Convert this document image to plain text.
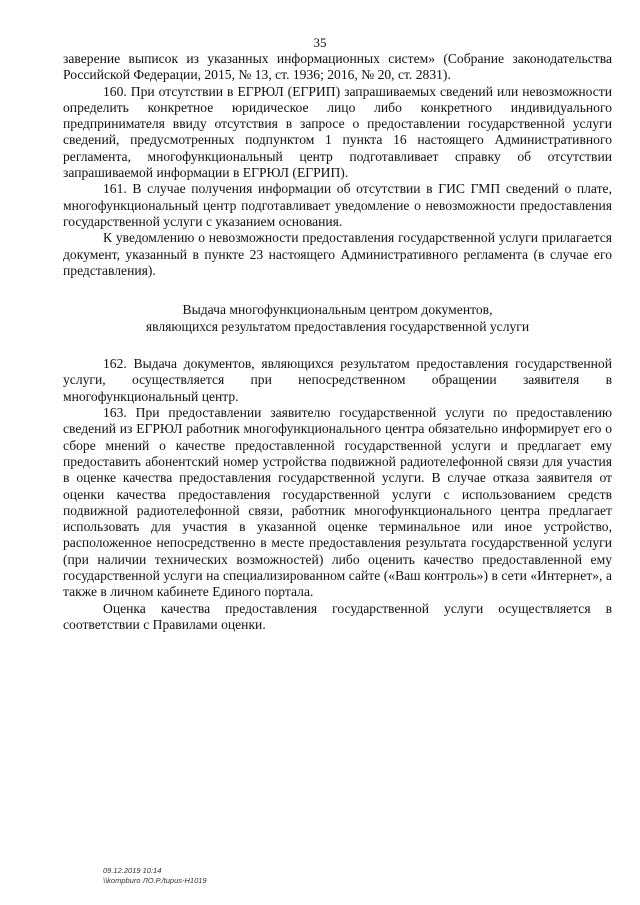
35

заверение выписок из указанных информационных систем» (Собрание законодательства Российской Федерации, 2015, № 13, ст. 1936; 2016, № 20, ст. 2831).

160. При отсутствии в ЕГРЮЛ (ЕГРИП) запрашиваемых сведений или невозможности определить конкретное юридическое лицо либо конкретного индивидуального предпринимателя ввиду отсутствия в запросе о предоставлении государственной услуги сведений, предусмотренных подпунктом 1 пункта 16 настоящего Административного регламента, многофункциональный центр подготавливает справку об отсутствии запрашиваемой информации в ЕГРЮЛ (ЕГРИП).

161. В случае получения информации об отсутствии в ГИС ГМП сведений о плате, многофункциональный центр подготавливает уведомление о невозможности предоставления государственной услуги с указанием основания.

К уведомлению о невозможности предоставления государственной услуги прилагается документ, указанный в пункте 23 настоящего Административного регламента (в случае его представления).

Выдача многофункциональным центром документов,
являющихся результатом предоставления государственной услуги

162. Выдача документов, являющихся результатом предоставления государственной услуги, осуществляется при непосредственном обращении заявителя в многофункциональный центр.

163. При предоставлении заявителю государственной услуги по предоставлению сведений из ЕГРЮЛ работник многофункционального центра обязательно информирует его о сборе мнений о качестве предоставленной государственной услуги и предлагает ему предоставить абонентский номер устройства подвижной радиотелефонной связи для участия в оценке качества предоставления государственной услуги. В случае отказа заявителя от оценки качества предоставления государственной услуги с использованием средств подвижной радиотелефонной связи, работник многофункционального центра предлагает использовать для участия в указанной оценке терминальное или иное устройство, расположенное непосредственно в месте предоставления результата государственной услуги (при наличии технических возможностей) либо оценить качество предоставленной ему государственной услуги на специализированном сайте («Ваш контроль») в сети «Интернет», а также в личном кабинете Единого портала.

Оценка качества предоставления государственной услуги осуществляется в соответствии с Правилами оценки.

09.12.2019 10:14
\\kompburo ЛО.Р./tupus-Н1019
